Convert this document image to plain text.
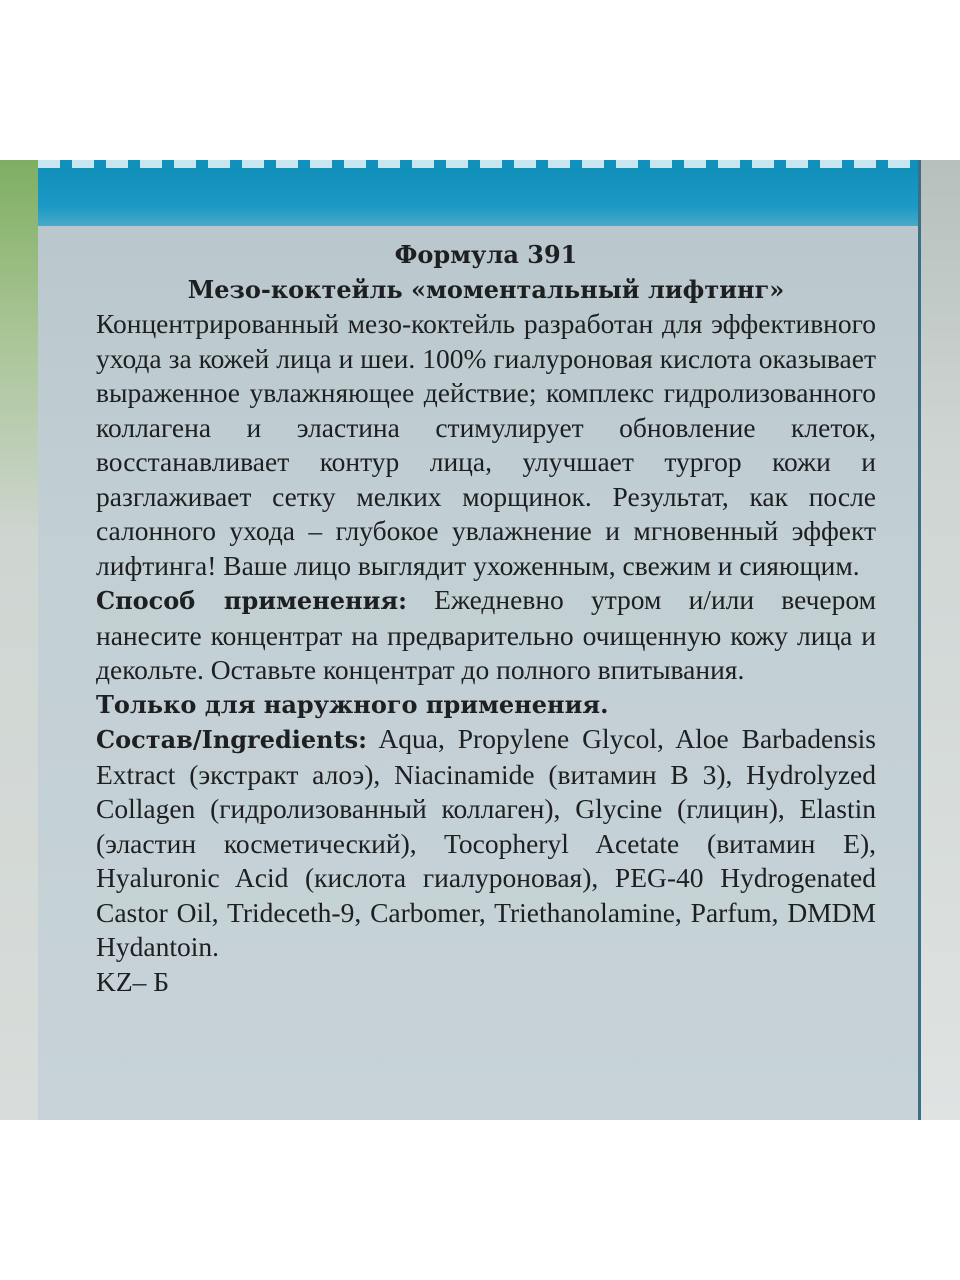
Формула 391
Мезо-коктейль «моментальный лифтинг»

Концентрированный мезо-коктейль разработан для эффективного ухода за кожей лица и шеи. 100% гиалуроновая кислота оказывает выраженное увлажняющее действие; комплекс гидролизованного коллагена и эластина стимулирует обновление клеток, восстанавливает контур лица, улучшает тургор кожи и разглаживает сетку мелких морщинок. Результат, как после салонного ухода – глубокое увлажнение и мгновенный эффект лифтинга! Ваше лицо выглядит ухоженным, свежим и сияющим.

Способ применения: Ежедневно утром и/или вечером нанесите концентрат на предварительно очищенную кожу лица и декольте. Оставьте концентрат до полного впитывания.

Только для наружного применения.

Состав/Ingredients: Aqua, Propylene Glycol, Aloe Barbadensis Extract (экстракт алоэ), Niacinamide (витамин B 3), Hydrolyzed Collagen (гидролизованный коллаген), Glycine (глицин), Elastin (эластин косметический), Tocopheryl Acetate (витамин Е), Hyaluronic Acid (кислота гиалуроновая), PEG-40 Hydrogenated Castor Oil, Trideceth-9, Carbomer, Triethanolamine, Parfum, DMDM Hydantoin.

KZ– Б
